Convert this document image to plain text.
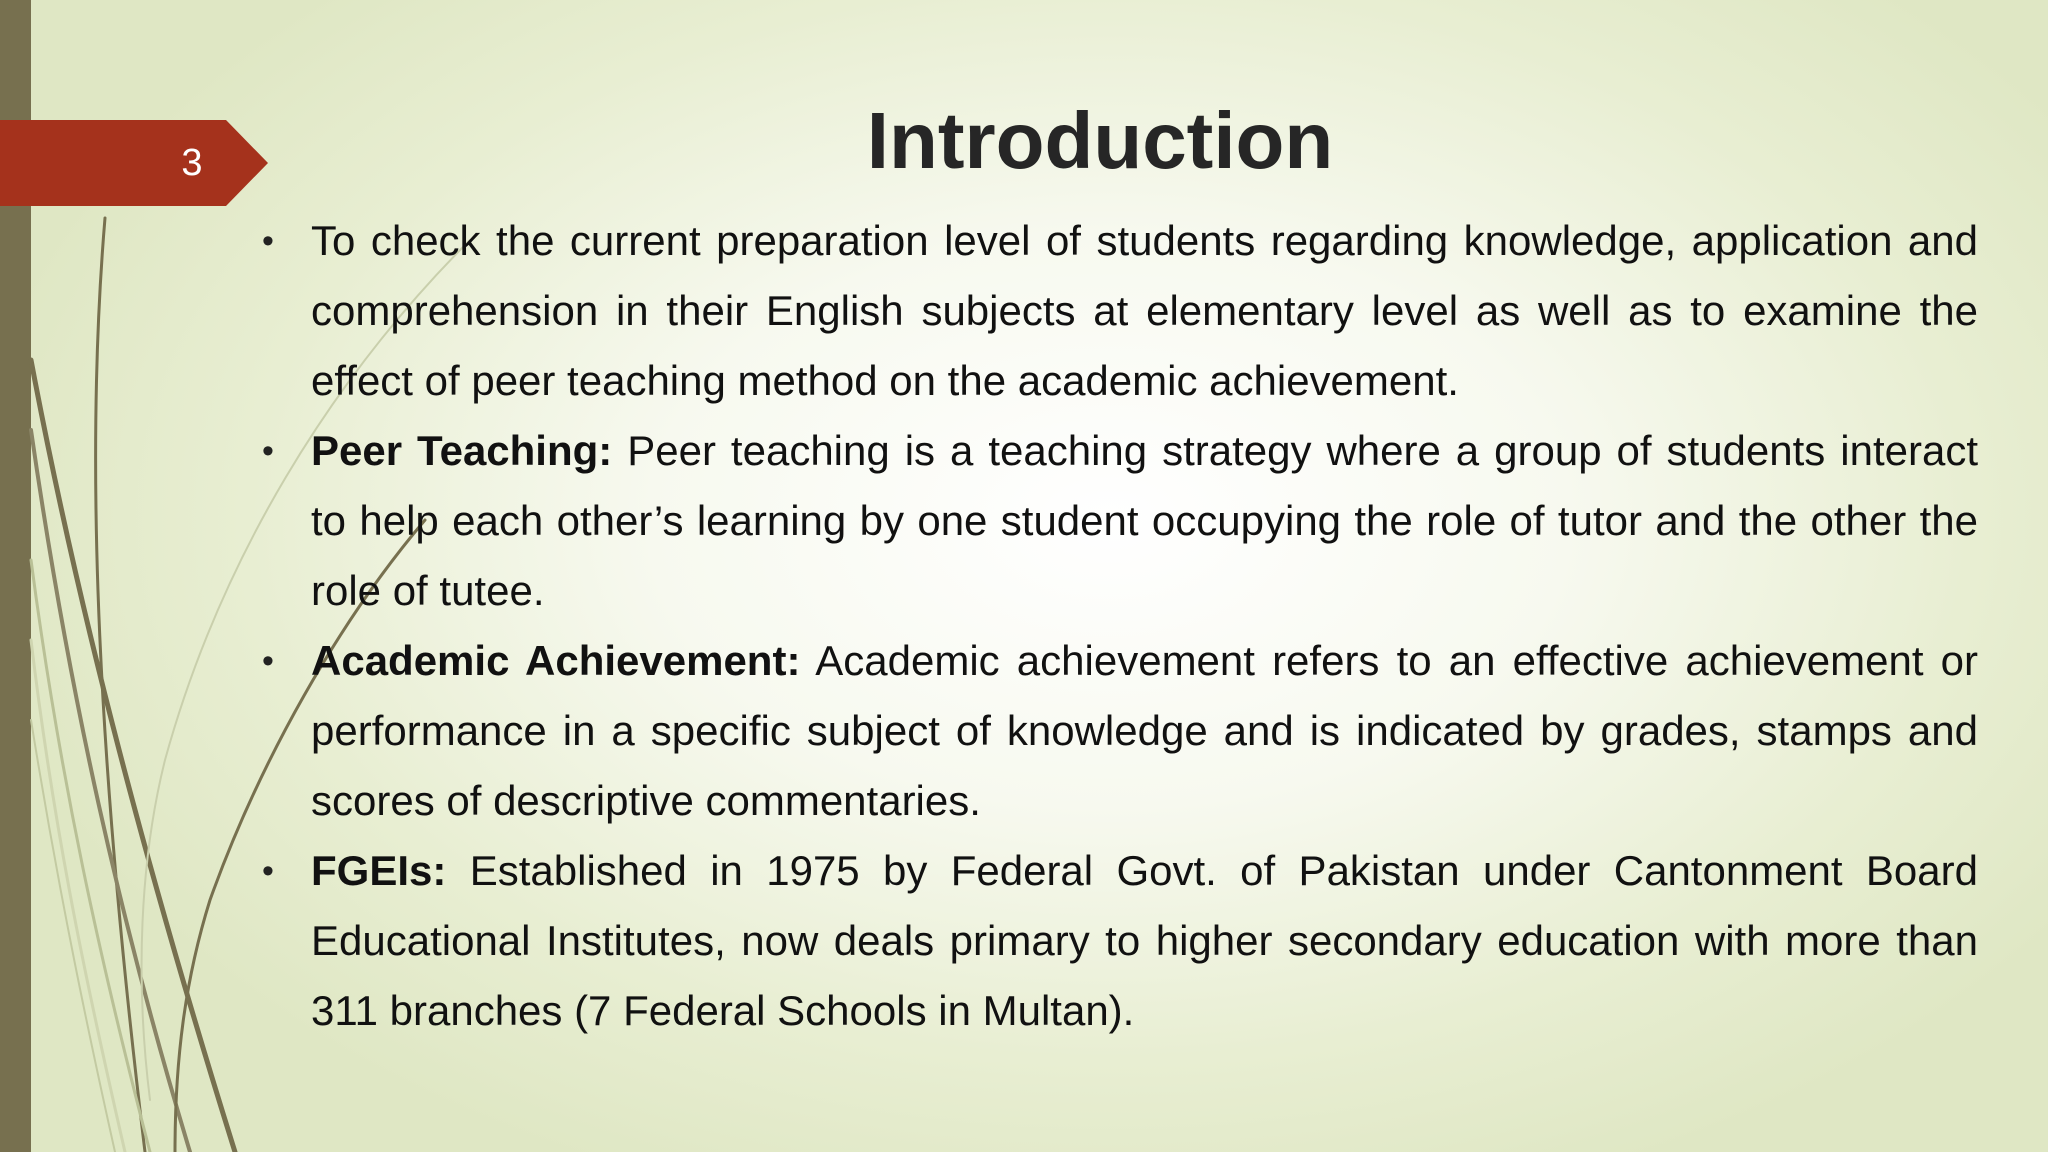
3	Introduction
• To check the current preparation level of students regarding knowledge, application and comprehension in their English subjects at elementary level as well as to examine the effect of peer teaching method on the academic achievement.
• Peer Teaching: Peer teaching is a teaching strategy where a group of students interact to help each other’s learning by one student occupying the role of tutor and the other the role of tutee.
• Academic Achievement: Academic achievement refers to an effective achievement or performance in a specific subject of knowledge and is indicated by grades, stamps and scores of descriptive commentaries.
• FGEIs: Established in 1975 by Federal Govt. of Pakistan under Cantonment Board Educational Institutes, now deals primary to higher secondary education with more than 311 branches (7 Federal Schools in Multan).
